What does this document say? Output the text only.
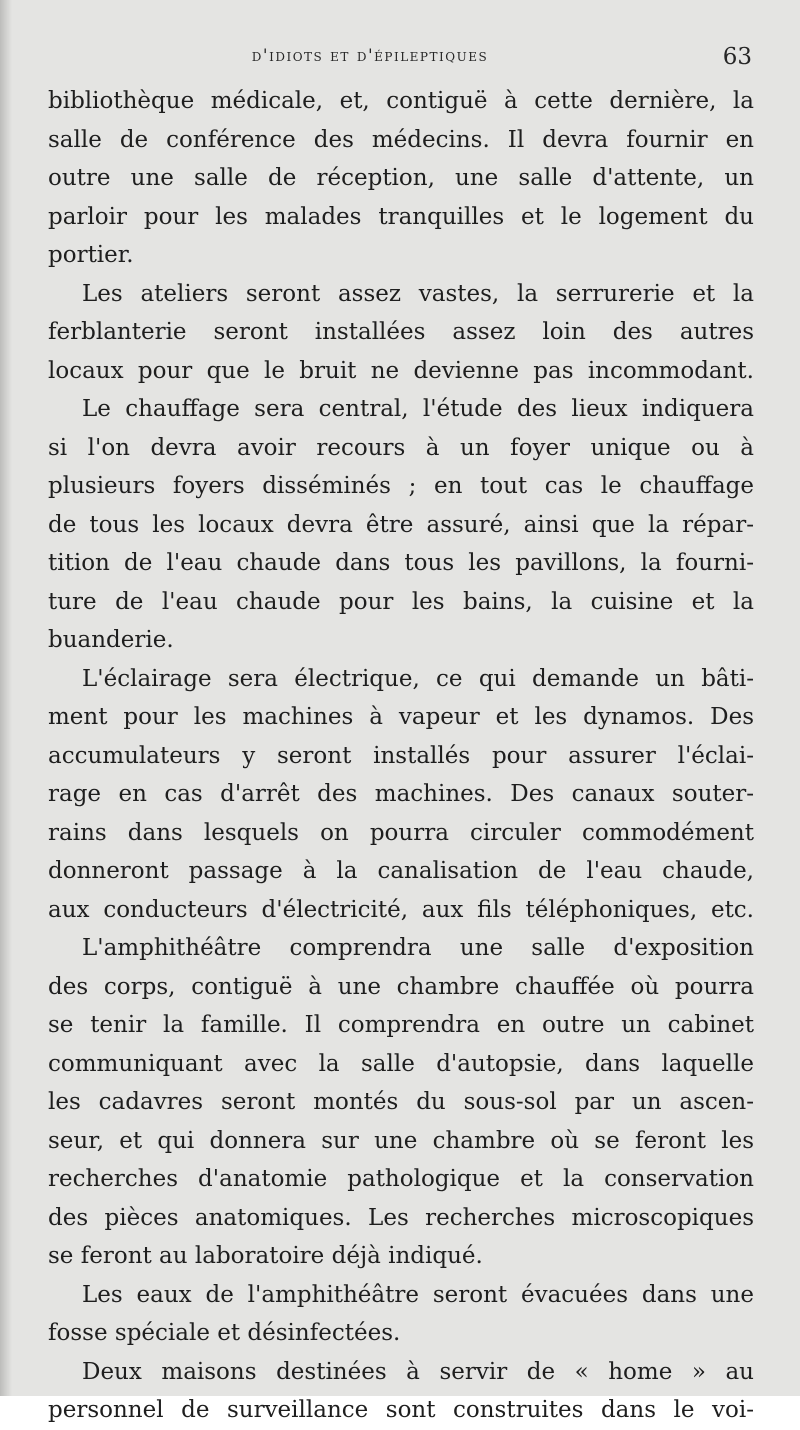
d'idiots et d'épileptiques	63
bibliothèque médicale, et, contiguë à cette dernière, la
salle de conférence des médecins. Il devra fournir en
outre une salle de réception, une salle d'attente, un
parloir pour les malades tranquilles et le logement du
portier.
Les ateliers seront assez vastes, la serrurerie et la
ferblanterie seront installées assez loin des autres
locaux pour que le bruit ne devienne pas incommodant.
Le chauffage sera central, l'étude des lieux indiquera
si l'on devra avoir recours à un foyer unique ou à
plusieurs foyers disséminés ; en tout cas le chauffage
de tous les locaux devra être assuré, ainsi que la répar-
tition de l'eau chaude dans tous les pavillons, la fourni-
ture de l'eau chaude pour les bains, la cuisine et la
buanderie.
L'éclairage sera électrique, ce qui demande un bâti-
ment pour les machines à vapeur et les dynamos. Des
accumulateurs y seront installés pour assurer l'éclai-
rage en cas d'arrêt des machines. Des canaux souter-
rains dans lesquels on pourra circuler commodément
donneront passage à la canalisation de l'eau chaude,
aux conducteurs d'électricité, aux fils téléphoniques, etc.
L'amphithéâtre comprendra une salle d'exposition
des corps, contiguë à une chambre chauffée où pourra
se tenir la famille. Il comprendra en outre un cabinet
communiquant avec la salle d'autopsie, dans laquelle
les cadavres seront montés du sous-sol par un ascen-
seur, et qui donnera sur une chambre où se feront les
recherches d'anatomie pathologique et la conservation
des pièces anatomiques. Les recherches microscopiques
se feront au laboratoire déjà indiqué.
Les eaux de l'amphithéâtre seront évacuées dans une
fosse spéciale et désinfectées.
Deux maisons destinées à servir de « home » au
personnel de surveillance sont construites dans le voi-
